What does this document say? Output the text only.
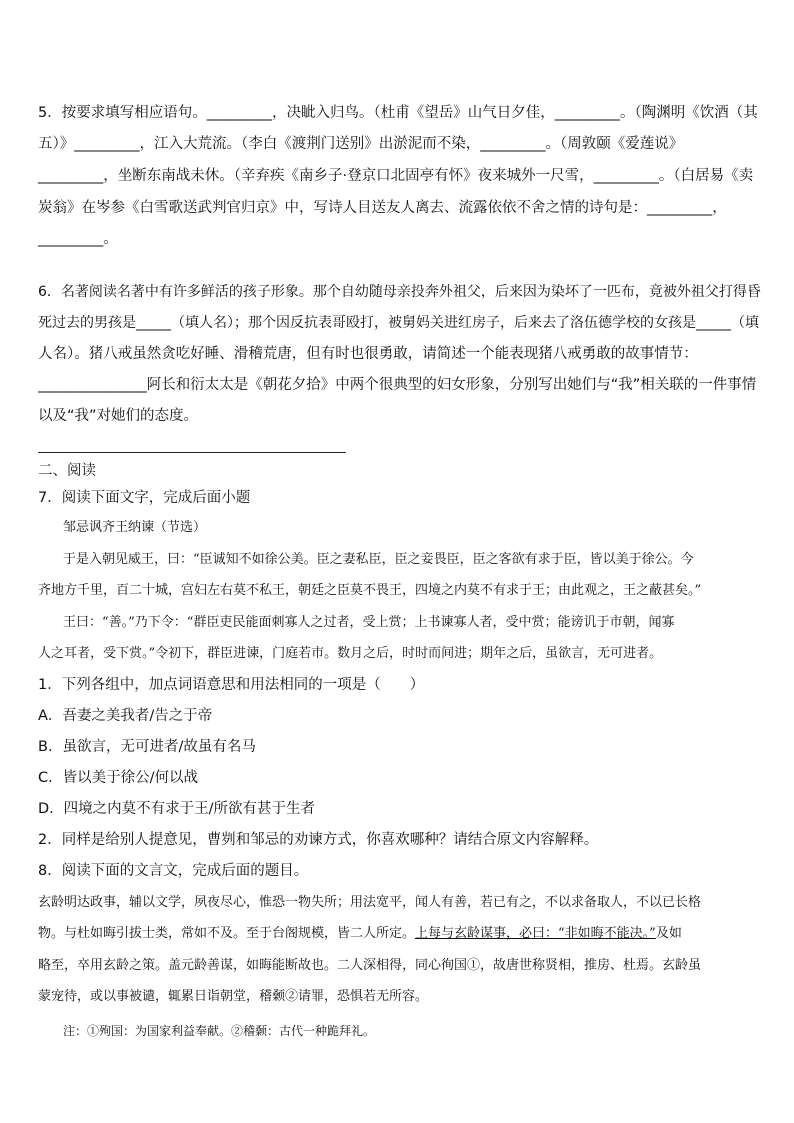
5．按要求填写相应语句。_________，决眦入归鸟。（杜甫《望岳》山气日夕佳，_________。（陶渊明《饮酒（其
五）》_________，江入大荒流。（李白《渡荆门送别》出淤泥而不染，_________。（周敦颐《爱莲说》
_________，坐断东南战未休。（辛弃疾《南乡子·登京口北固亭有怀》夜来城外一尺雪，_________。（白居易《卖
炭翁》在岑参《白雪歌送武判官归京》中，写诗人目送友人离去、流露依依不舍之情的诗句是：_________，
_________。
6．名著阅读名著中有许多鲜活的孩子形象。那个自幼随母亲投奔外祖父，后来因为染坏了一匹布，竟被外祖父打得昏
死过去的男孩是_____（填人名）；那个因反抗表哥殴打，被舅妈关进红房子，后来去了洛伍德学校的女孩是_____（填
人名）。猪八戒虽然贪吃好睡、滑稽荒唐，但有时也很勇敢，请简述一个能表现猪八戒勇敢的故事情节：
_______________阿长和衍太太是《朝花夕拾》中两个很典型的妇女形象，分别写出她们与“我”相关联的一件事情
以及“我”对她们的态度。
二、阅读
7．阅读下面文字，完成后面小题
邹忌讽齐王纳谏（节选）
于是入朝见威王，曰：“臣诚知不如徐公美。臣之妻私臣，臣之妾畏臣，臣之客欲有求于臣，皆以美于徐公。今
齐地方千里，百二十城，宫妇左右莫不私王，朝廷之臣莫不畏王，四境之内莫不有求于王；由此观之，王之蔽甚矣。”
王曰：“善。”乃下令：“群臣吏民能面刺寡人之过者，受上赏；上书谏寡人者，受中赏；能谤讥于市朝，闻寡
人之耳者，受下赏。”令初下，群臣进谏，门庭若市。数月之后，时时而间进；期年之后，虽欲言，无可进者。
1．下列各组中，加点词语意思和用法相同的一项是（　　）
A．吾妻之美我者/告之于帝
B．虽欲言，无可进者/故虽有名马
C．皆以美于徐公/何以战
D．四境之内莫不有求于王/所欲有甚于生者
2．同样是给别人提意见，曹刿和邹忌的劝谏方式，你喜欢哪种？请结合原文内容解释。
8．阅读下面的文言文，完成后面的题目。
玄龄明达政事，辅以文学，夙夜尽心，惟恐一物失所；用法宽平，闻人有善，若已有之，不以求备取人，不以已长格
物。与杜如晦引拔士类，常如不及。至于台阁规模，皆二人所定。上每与玄龄谋事，必曰：“非如晦不能决。”及如
略至，卒用玄龄之策。盖元龄善谋，如晦能断故也。二人深相得，同心徇国①，故唐世称贤相，推房、杜焉。玄龄虽
蒙宠待，或以事被谴，辄累日诣朝堂，稽颡②请罪，恐惧若无所容。
注：①殉国：为国家利益奉献。②稽颡：古代一种跪拜礼。
